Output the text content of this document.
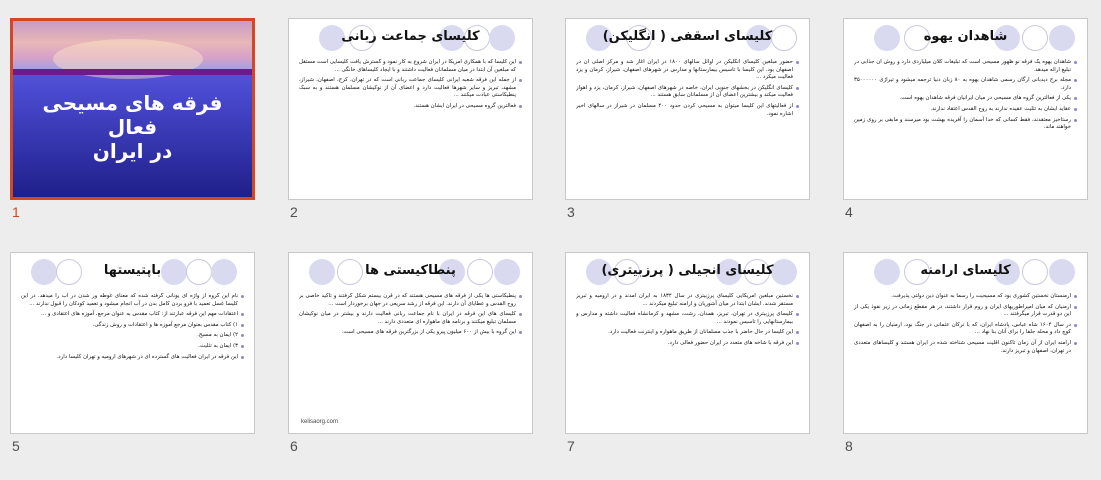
فرقه های مسیحی
فعال
در ایران
1
کلیسای جماعت ربانی

این کلیسا که با همکاری آمریکا در ایران شروع به کار نمود و گسترش یافت کلیسایی است مستقل که مبلغین آن ابتدا در میان مسلمانان فعالیت داشتند و با ایجاد کلیساهای خانگی ...

از جمله این فرقه شعبه ایرانی کلیسای جماعت ربانی است که در تهران، کرج، اصفهان، شیراز، مشهد، تبریز و سایر شهرها فعالیت دارد و اعضای آن از نوکیشان مسلمان هستند و به سبک پنطیکاستی عبادت میکنند ...

فعالترین گروه مسیحی در ایران ایشان هستند.

2
کلیسای اسقفی ( انگلیکن)

حضور مبلغین کلیسای انگلیکن در اوائل سالهای ۱۸۰۰ در ایران آغاز شد و مرکز اصلی آن در اصفهان بود. این کلیسا با تاسیس بیمارستانها و مدارس در شهرهای اصفهان، شیراز، کرمان و یزد فعالیت میکرد ...

کلیسای انگلیکن در بخشهای جنوبی ایران، خاصه در شهرهای اصفهان، شیراز، کرمان، یزد و اهواز فعالیت میکند و بیشترین اعضای آن از مسلمانان سابق هستند ...

از فعالیتهای این کلیسا میتوان به مسیحی کردن حدود ۴۰۰ مسلمان در شیراز در سالهای اخیر اشاره نمود.

3
شاهدان یهوه

شاهدان یهوه یک فرقه نو ظهور مسیحی است که تبلیغات کلان میلیاردی دارد و روش آن جذابی در تبلیغ ارائه میدهد.

مجله برج دیدبانی ارگان رسمی شاهدان یهوه به ۸۰ زبان دنیا ترجمه میشود و تیراژی ۳۵۰۰۰۰۰۰ دارد.

یکی از فعالترین گروه های مسیحی در میان ایرانیان فرقه شاهدان یهوه است.

عقاید ایشان به تثلیث عقیده ندارند به روح القدس اعتقاد ندارند.

رستاخیز معتقدند، فقط کسانی که خدا آسمان را آفریده بهشت بود میرسند و مابقی بر روی زمین خواهند ماند.

4
باپتیستها

نام این گروه از واژه ای یونانی گرفته شده که معنای غوطه ور شدن در آب را میدهد. در این کلیسا غسل تعمید با فرو بردن کامل بدن در آب انجام میشود و تعمید کودکان را قبول ندارند ...

اعتقادات مهم این فرقه عبارتند از: کتاب مقدس به عنوان مرجع، آموزه های اعتقادی و ...

۱) کتاب مقدس بعنوان مرجع آموزه ها و اعتقادات و روش زندگی.

۲) ایمان به مسیح.

۳) ایمان به تثلیث.

این فرقه در ایران فعالیت های گسترده ای در شهرهای ارومیه و تهران کلیسا دارد.

5
پنطاکیستی ها

پنطیکاستی ها یکی از فرقه های مسیحی هستند که در قرن بیستم شکل گرفتند و تاکید خاصی بر روح القدس و عطایای آن دارند. این فرقه از رشد سریعی در جهان برخوردار است ...

کلیسای های این فرقه در ایران با نام جماعت ربانی فعالیت دارند و بیشتر در میان نوکیشان مسلمان تبلیغ میکنند و برنامه های ماهواره ای متعددی دارند ...

این گروه با بیش از ۶۰۰ میلیون پیرو یکی از بزرگترین فرقه های مسیحی است.

kelisaorg.com
6
کلیسای انجیلی ( پرزبیتری)

نخستین مبلغین آمریکایی کلیسای پرزبیتری در سال ۱۸۳۴ به ایران آمدند و در ارومیه و تبریز مستقر شدند. ایشان ابتدا در میان آشوریان و ارامنه تبلیغ میکردند ...

کلیسای پرزبیتری در تهران، تبریز، همدان، رشت، مشهد و کرمانشاه فعالیت داشته و مدارس و بیمارستانهایی را تاسیس نمودند ...

این کلیسا در حال حاضر با جذب مسلمانان از طریق ماهواره و اینترنت فعالیت دارد.

این فرقه با شاخه های متعدد در ایران حضور فعالی دارد.

7
کلیسای ارامنه

ارمنستان نخستین کشوری بود که مسیحیت را رسماً به عنوان دین دولتی پذیرفت.

ارمنیان که میان امپراطوریهای ایران و روم قرار داشتند، در هر مقطع زمانی در زیر نفوذ یکی از این دو قدرت قرار میگرفتند ...

در سال ۱۶۰۴ شاه عباس، پادشاه ایران، که با ترکان عثمانی در جنگ بود، ارمنیان را به اصفهان کوچ داد و محله جلفا را برای آنان بنا نهاد ...

ارامنه ایران از آن زمان تاکنون اقلیت مسیحی شناخته شده در ایران هستند و کلیساهای متعددی در تهران، اصفهان و تبریز دارند.

8
